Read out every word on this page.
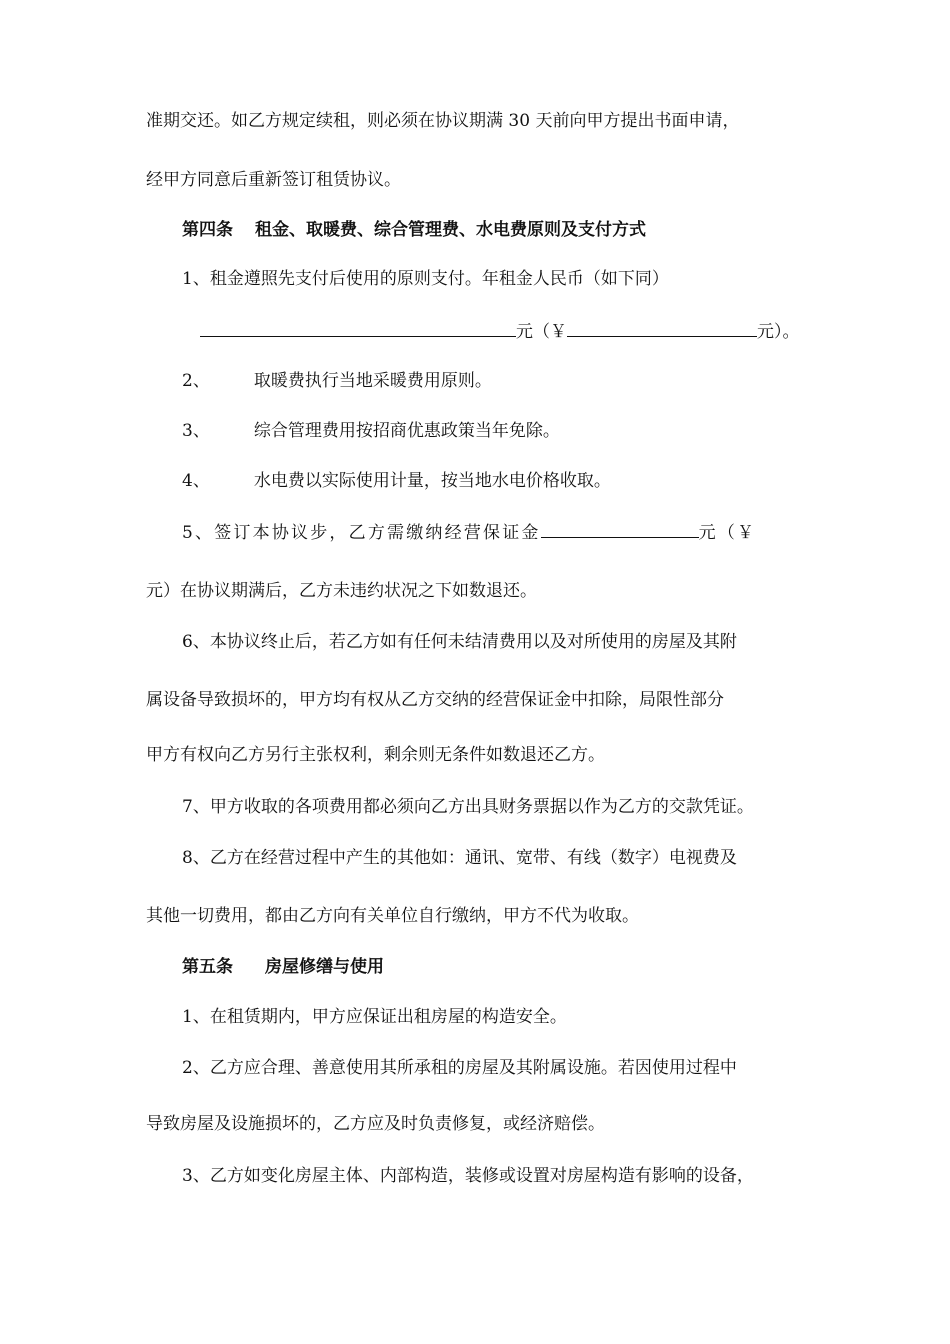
准期交还。如乙方规定续租，则必须在协议期满 30 天前向甲方提出书面申请，
经甲方同意后重新签订租赁协议。
第四条 租金、取暖费、综合管理费、水电费原则及支付方式
1、租金遵照先支付后使用的原则支付。年租金人民币（如下同）
元（￥	元）。
2、	取暖费执行当地采暖费用原则。
3、	综合管理费用按招商优惠政策当年免除。
4、	水电费以实际使用计量，按当地水电价格收取。
5、签订本协议步，乙方需缴纳经营保证金	元（￥
元）在协议期满后，乙方未违约状况之下如数退还。
6、本协议终止后，若乙方如有任何未结清费用以及对所使用的房屋及其附
属设备导致损坏的，甲方均有权从乙方交纳的经营保证金中扣除，局限性部分
甲方有权向乙方另行主张权利，剩余则无条件如数退还乙方。
7、甲方收取的各项费用都必须向乙方出具财务票据以作为乙方的交款凭证。
8、乙方在经营过程中产生的其他如：通讯、宽带、有线（数字）电视费及
其他一切费用，都由乙方向有关单位自行缴纳，甲方不代为收取。
第五条 房屋修缮与使用
1、在租赁期内，甲方应保证出租房屋的构造安全。
2、乙方应合理、善意使用其所承租的房屋及其附属设施。若因使用过程中
导致房屋及设施损坏的，乙方应及时负责修复，或经济赔偿。
3、乙方如变化房屋主体、内部构造，装修或设置对房屋构造有影响的设备，
